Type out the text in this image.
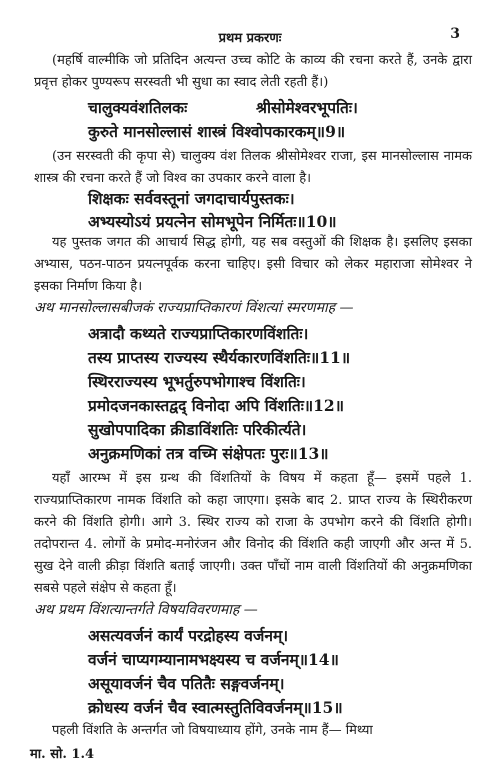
प्रथम प्रकरणः	3

(महर्षि वाल्मीकि जो प्रतिदिन अत्यन्त उच्च कोटि के काव्य की रचना करते हैं, उनके द्वारा प्रवृत्त होकर पुण्यरूप सरस्वती भी सुधा का स्वाद लेती रहती हैं।)

चालुक्यवंशतिलकः	श्रीसोमेश्वरभूपतिः।
कुरुते मानसोल्लासं शास्त्रं विश्वोपकारकम्॥9॥

(उन सरस्वती की कृपा से) चालुक्य वंश तिलक श्रीसोमेश्वर राजा, इस मानसोल्लास नामक शास्त्र की रचना करते हैं जो विश्व का उपकार करने वाला है।

शिक्षकः सर्ववस्तूनां जगदाचार्यपुस्तकः।
अभ्यस्योऽयं प्रयत्नेन सोमभूपेन निर्मितः॥10॥

यह पुस्तक जगत की आचार्य सिद्ध होगी, यह सब वस्तुओं की शिक्षक है। इसलिए इसका अभ्यास, पठन-पाठन प्रयत्नपूर्वक करना चाहिए। इसी विचार को लेकर महाराजा सोमेश्वर ने इसका निर्माण किया है।

अथ मानसोल्लासबीजकं राज्यप्राप्तिकारणं विंशत्यां स्मरणमाह —
अत्रादौ कथ्यते राज्यप्राप्तिकारणविंशतिः।
तस्य प्राप्तस्य राज्यस्य स्थैर्यकारणविंशतिः॥11॥
स्थिरराज्यस्य भूभर्तुरुपभोगाश्च विंशतिः।
प्रमोदजनकास्तद्वद् विनोदा अपि विंशतिः॥12॥
सुखोपपादिका क्रीडाविंशतिः परिकीर्त्यते।
अनुक्रमणिकां तत्र वच्मि संक्षेपतः पुरः॥13॥

यहाँ आरम्भ में इस ग्रन्थ की विंशतियों के विषय में कहता हूँ— इसमें पहले 1. राज्यप्राप्तिकारण नामक विंशति को कहा जाएगा। इसके बाद 2. प्राप्त राज्य के स्थिरीकरण करने की विंशति होगी। आगे 3. स्थिर राज्य को राजा के उपभोग करने की विंशति होगी। तदोपरान्त 4. लोगों के प्रमोद-मनोरंजन और विनोद की विंशति कही जाएगी और अन्त में 5. सुख देने वाली क्रीड़ा विंशति बताई जाएगी। उक्त पाँचों नाम वाली विंशतियों की अनुक्रमणिका सबसे पहले संक्षेप से कहता हूँ।

अथ प्रथम विंशत्यान्तर्गते विषयविवरणमाह —
असत्यवर्जनं कार्यं परद्रोहस्य वर्जनम्।
वर्जनं चाप्यगम्यानामभक्ष्यस्य च वर्जनम्॥14॥
असूयावर्जनं चैव पतितैः सङ्गवर्जनम्।
क्रोधस्य वर्जनं चैव स्वात्मस्तुतिविवर्जनम्॥15॥

पहली विंशति के अन्तर्गत जो विषयाध्याय होंगे, उनके नाम हैं— मिथ्या

मा. सो. 1.4
